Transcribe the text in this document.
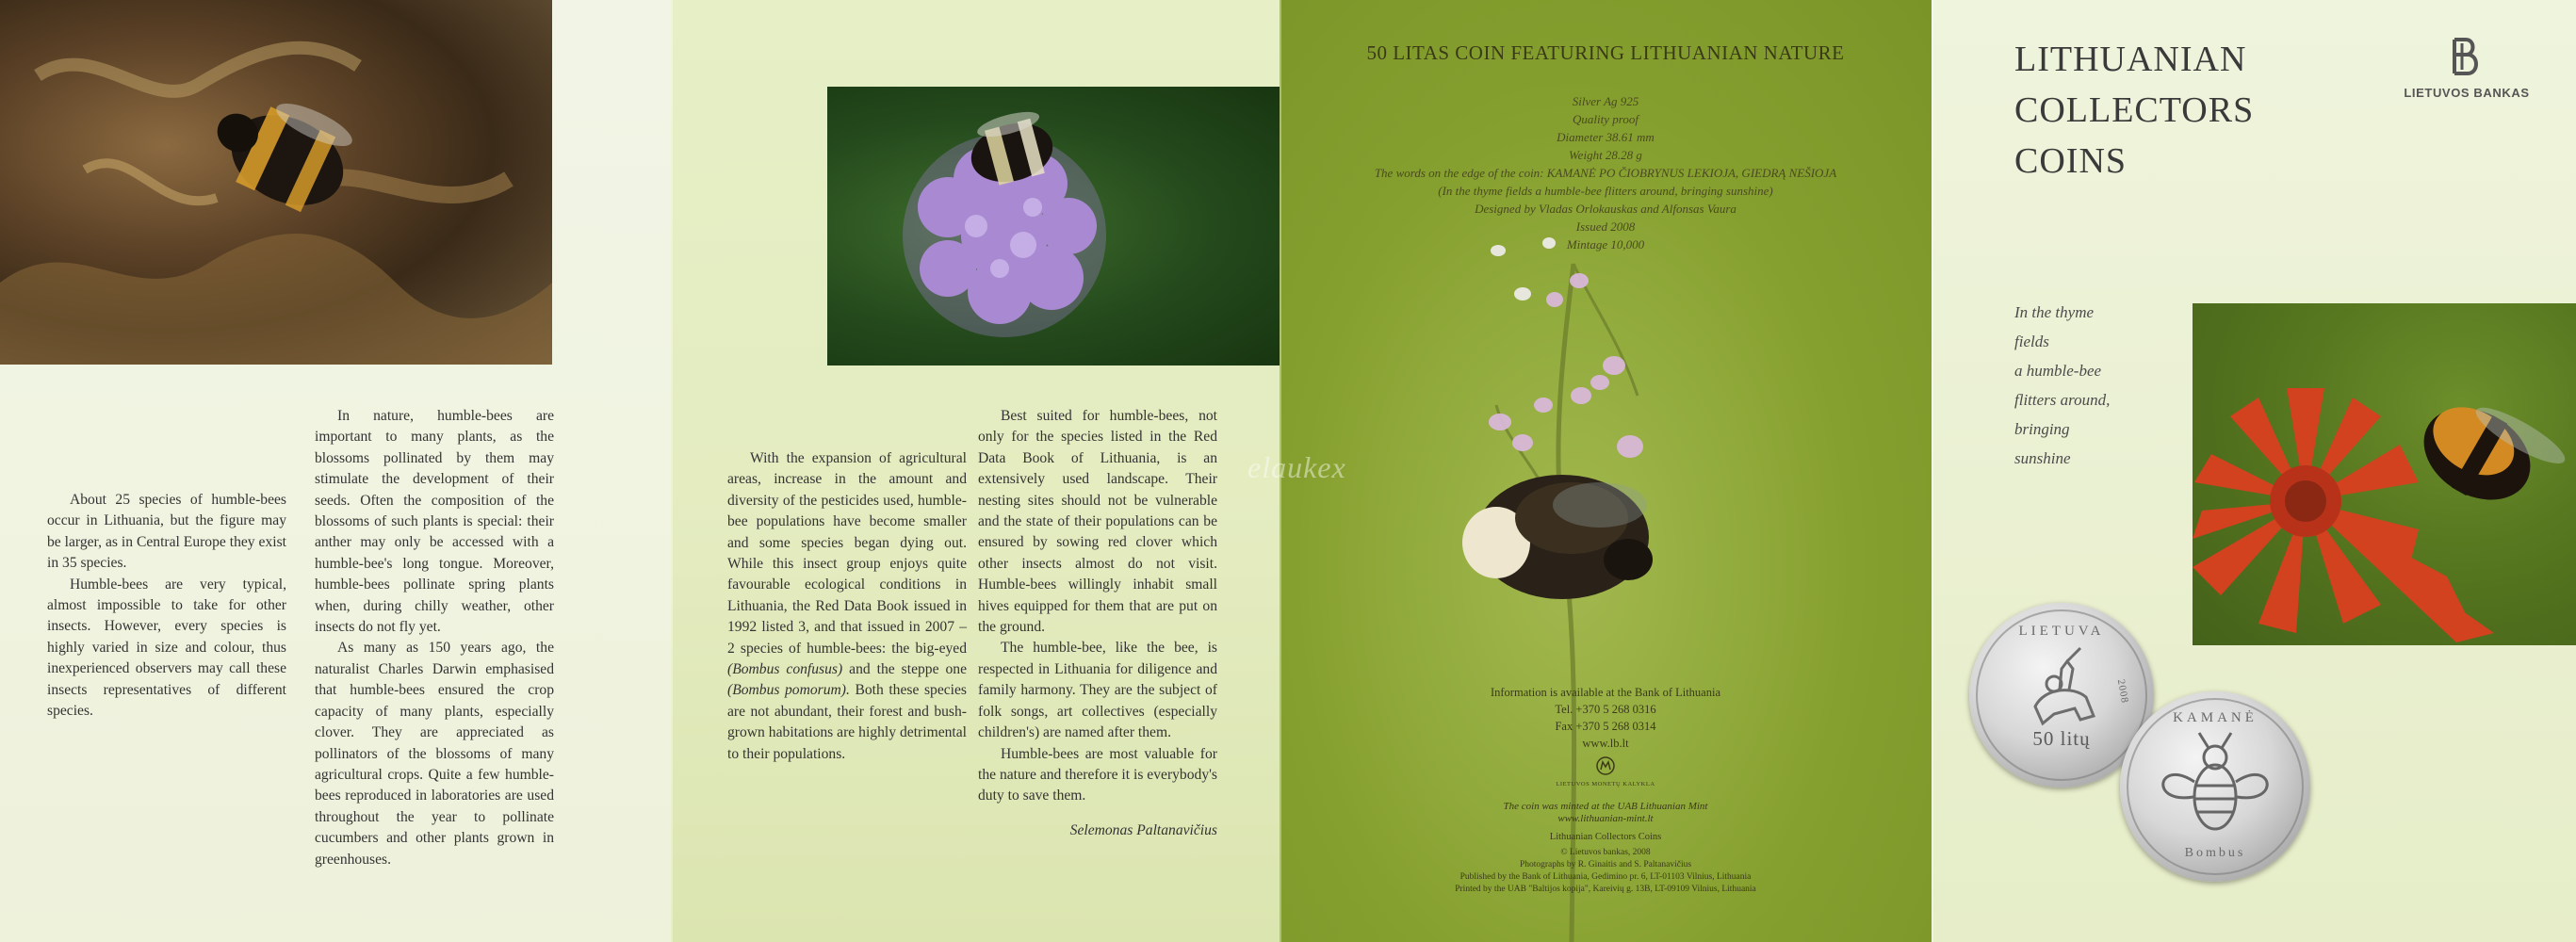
About 25 species of humble-bees occur in Lithuania, but the figure may be larger, as in Central Europe they exist in 35 species.

Humble-bees are very typical, almost impossible to take for other insects. However, every species is highly varied in size and colour, thus inexperienced observers may call these insects representatives of different species.

In nature, humble-bees are important to many plants, as the blossoms pollinated by them may stimulate the development of their seeds. Often the composition of the blossoms of such plants is special: their anther may only be accessed with a humble-bee's long tongue. Moreover, humble-bees pollinate spring plants when, during chilly weather, other insects do not fly yet.

As many as 150 years ago, the naturalist Charles Darwin emphasised that humble-bees ensured the crop capacity of many plants, especially clover. They are appreciated as pollinators of the blossoms of many agricultural crops. Quite a few humble-bees reproduced in laboratories are used throughout the year to pollinate cucumbers and other plants grown in greenhouses.

With the expansion of agricultural areas, increase in the amount and diversity of the pesticides used, humble-bee populations have become smaller and some species began dying out. While this insect group enjoys quite favourable ecological conditions in Lithuania, the Red Data Book issued in 1992 listed 3, and that issued in 2007 – 2 species of humble-bees: the big-eyed (Bombus confusus) and the steppe one (Bombus pomorum). Both these species are not abundant, their forest and bush-grown habitations are highly detrimental to their populations.

Best suited for humble-bees, not only for the species listed in the Red Data Book of Lithuania, is an extensively used landscape. Their nesting sites should not be vulnerable and the state of their populations can be ensured by sowing red clover which other insects almost do not visit. Humble-bees willingly inhabit small hives equipped for them that are put on the ground.

The humble-bee, like the bee, is respected in Lithuania for diligence and family harmony. They are the subject of folk songs, art collectives (especially children's) are named after them.

Humble-bees are most valuable for the nature and therefore it is everybody's duty to save them.

Selemonas Paltanavičius

50 LITAS COIN FEATURING LITHUANIAN NATURE
Silver Ag 925
Quality proof
Diameter 38.61 mm
Weight 28.28 g
The words on the edge of the coin: KAMANĖ PO ČIOBRYNUS LEKIOJA, GIEDRĄ NEŠIOJA
(In the thyme fields a humble-bee flitters around, bringing sunshine)
Designed by Vladas Orlokauskas and Alfonsas Vaura
Issued 2008
Mintage 10,000
Information is available at the Bank of Lithuania
Tel. +370 5 268 0316
Fax +370 5 268 0314
www.lb.lt
LIETUVOS MONETŲ KALYKLA
The coin was minted at the UAB Lithuanian Mint
www.lithuanian-mint.lt
Lithuanian Collectors Coins
© Lietuvos bankas, 2008
Photographs by R. Ginaitis and S. Paltanavičius
Published by the Bank of Lithuania, Gedimino pr. 6, LT-01103 Vilnius, Lithuania
Printed by the UAB "Baltijos kopija", Kareivių g. 13B, LT-09109 Vilnius, Lithuania
LITHUANIAN
COLLECTORS
COINS
LIETUVOS BANKAS
In the thyme
fields
a humble-bee
flitters around,
bringing
sunshine
LIETUVA
2008
50 litų
KAMANĖ
Bombus
elaukex
